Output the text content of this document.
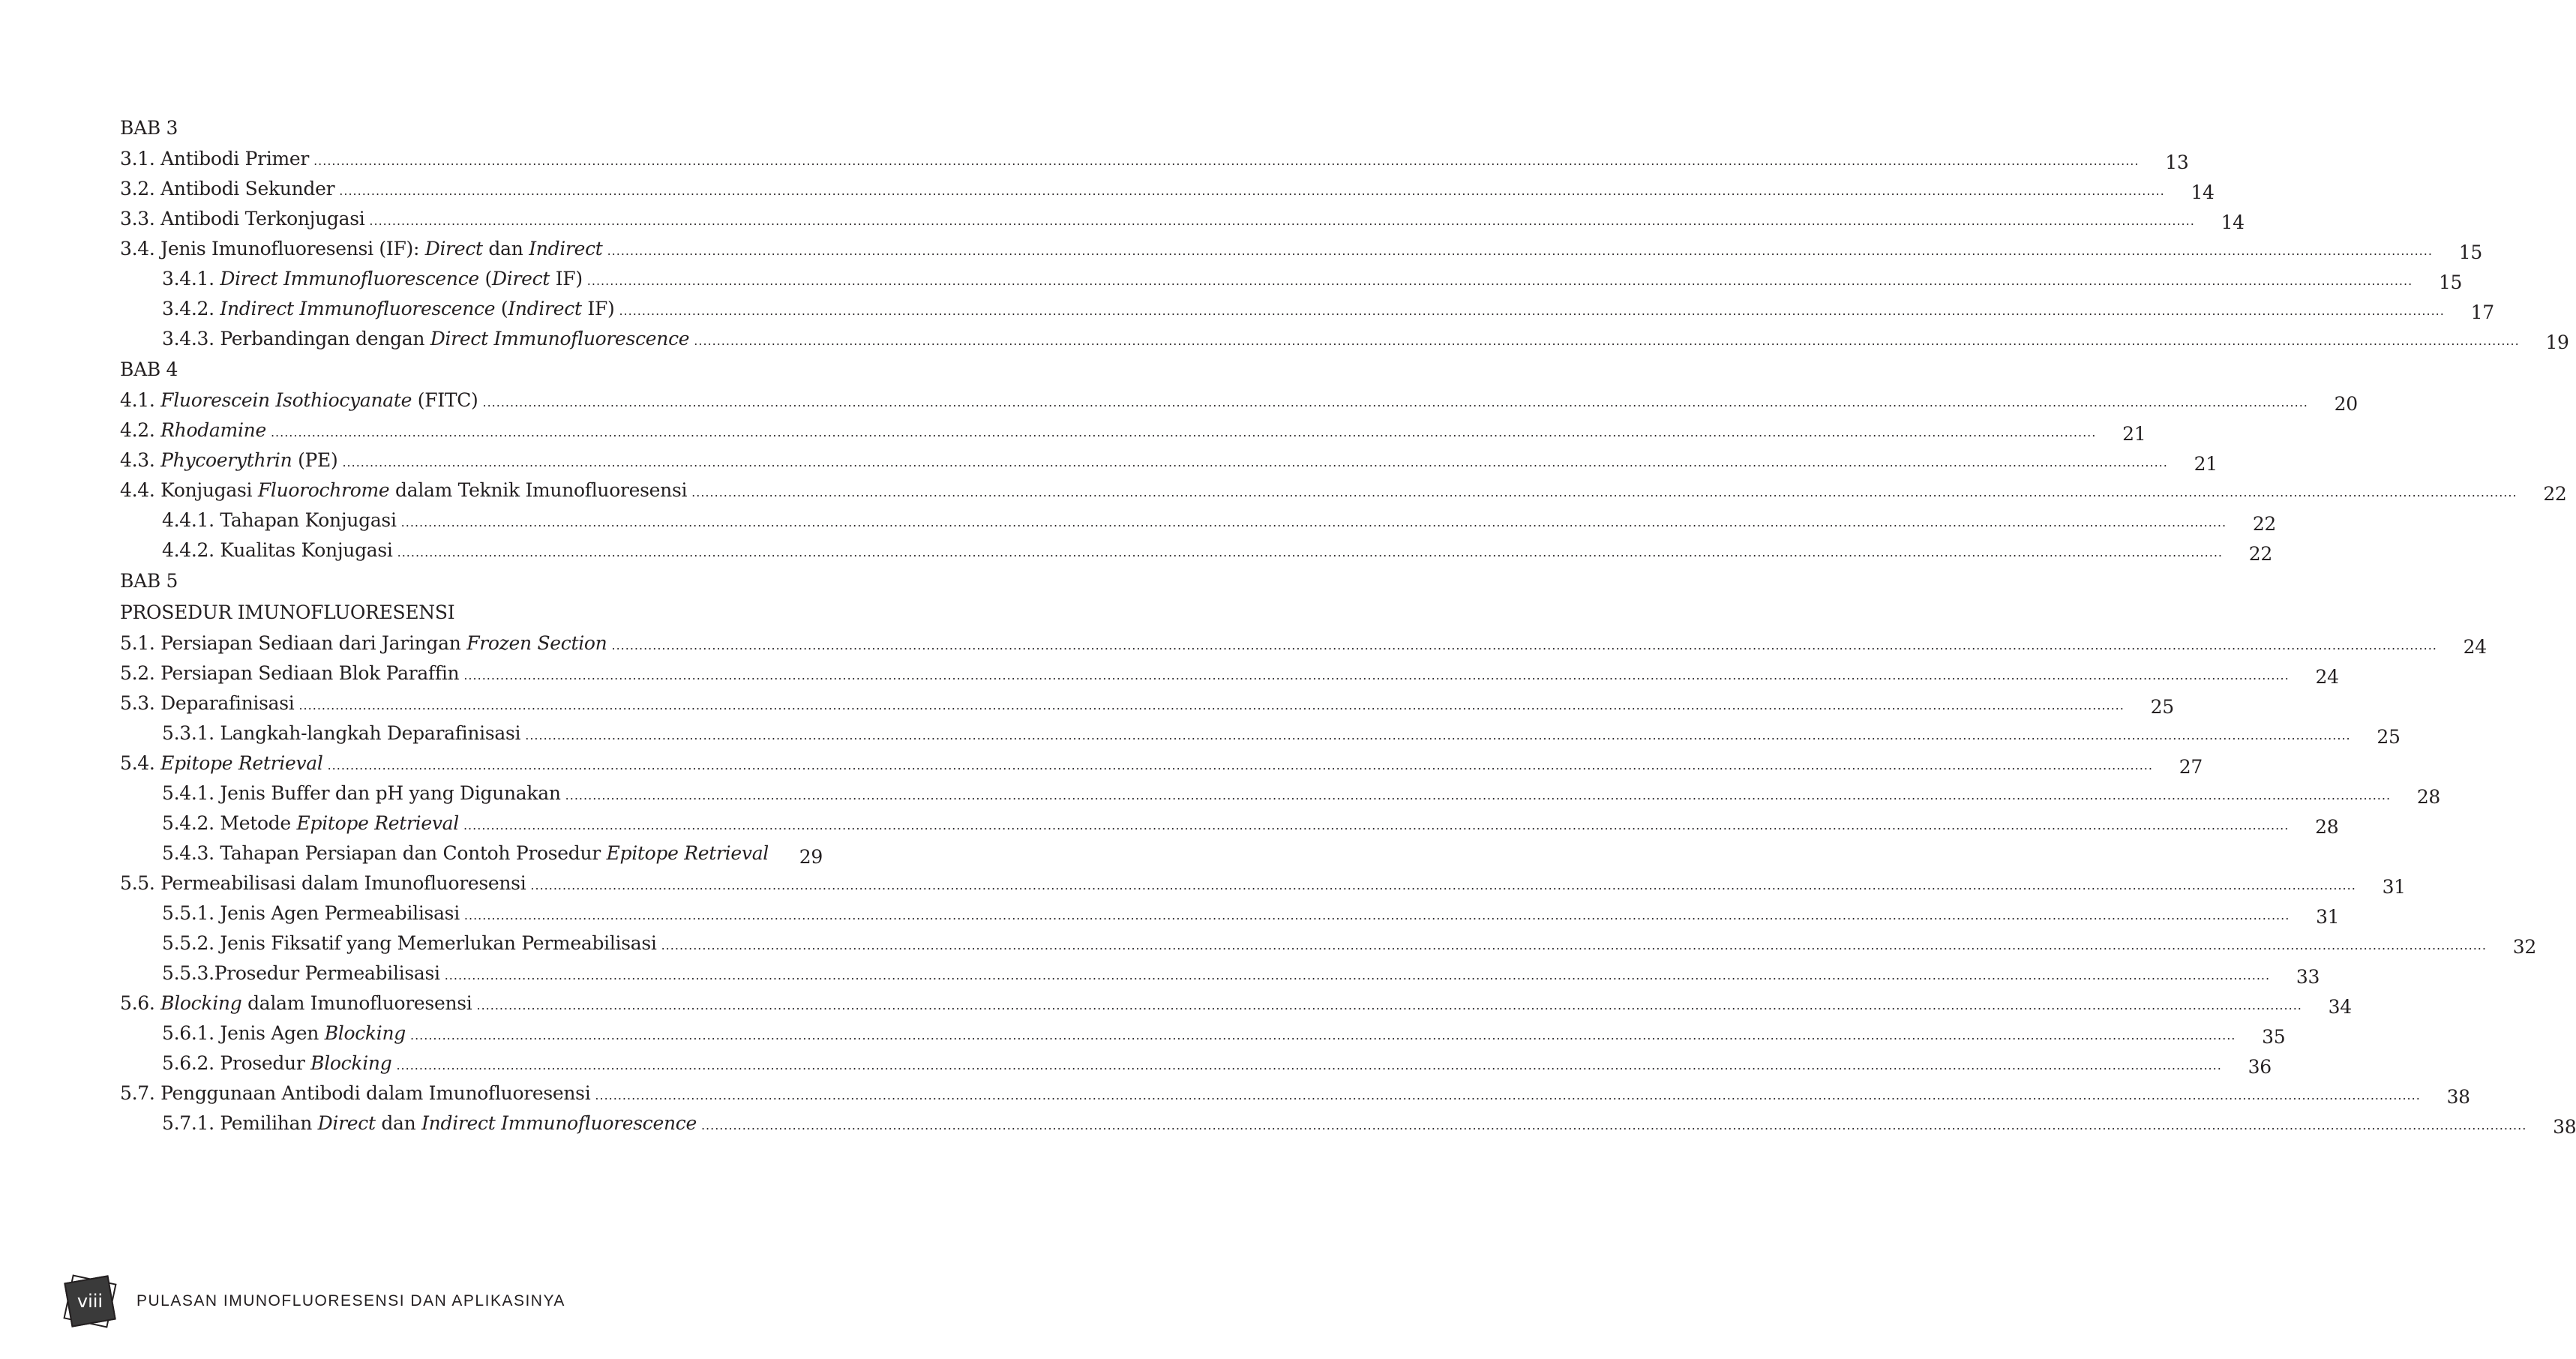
BAB 3
3.1. Antibodi Primer ................................................................................................................................................................................................................................................................................................................................................................................................................	13
3.2. Antibodi Sekunder ................................................................................................................................................................................................................................................................................................................................................................................................................	14
3.3. Antibodi Terkonjugasi ................................................................................................................................................................................................................................................................................................................................................................................................................	14
3.4. Jenis Imunofluoresensi (IF): Direct dan Indirect ................................................................................................................................................................................................................................................................................................................................................................................................................	15
3.4.1. Direct Immunofluorescence (Direct IF) ................................................................................................................................................................................................................................................................................................................................................................................................................	15
3.4.2. Indirect Immunofluorescence (Indirect IF) ................................................................................................................................................................................................................................................................................................................................................................................................................	17
3.4.3. Perbandingan dengan Direct Immunofluorescence ................................................................................................................................................................................................................................................................................................................................................................................................................	19
BAB 4
4.1. Fluorescein Isothiocyanate (FITC) ................................................................................................................................................................................................................................................................................................................................................................................................................	20
4.2. Rhodamine ................................................................................................................................................................................................................................................................................................................................................................................................................	21
4.3. Phycoerythrin (PE) ................................................................................................................................................................................................................................................................................................................................................................................................................	21
4.4. Konjugasi Fluorochrome dalam Teknik Imunofluoresensi ................................................................................................................................................................................................................................................................................................................................................................................................................	22
4.4.1. Tahapan Konjugasi ................................................................................................................................................................................................................................................................................................................................................................................................................	22
4.4.2. Kualitas Konjugasi ................................................................................................................................................................................................................................................................................................................................................................................................................	22
BAB 5
PROSEDUR IMUNOFLUORESENSI
5.1. Persiapan Sediaan dari Jaringan Frozen Section ................................................................................................................................................................................................................................................................................................................................................................................................................	24
5.2. Persiapan Sediaan Blok Paraffin ................................................................................................................................................................................................................................................................................................................................................................................................................	24
5.3. Deparafinisasi ................................................................................................................................................................................................................................................................................................................................................................................................................	25
5.3.1. Langkah-langkah Deparafinisasi ................................................................................................................................................................................................................................................................................................................................................................................................................	25
5.4. Epitope Retrieval ................................................................................................................................................................................................................................................................................................................................................................................................................	27
5.4.1. Jenis Buffer dan pH yang Digunakan ................................................................................................................................................................................................................................................................................................................................................................................................................	28
5.4.2. Metode Epitope Retrieval ................................................................................................................................................................................................................................................................................................................................................................................................................	28
5.4.3. Tahapan Persiapan dan Contoh Prosedur Epitope Retrieval	29
5.5. Permeabilisasi dalam Imunofluoresensi ................................................................................................................................................................................................................................................................................................................................................................................................................	31
5.5.1. Jenis Agen Permeabilisasi ................................................................................................................................................................................................................................................................................................................................................................................................................	31
5.5.2. Jenis Fiksatif yang Memerlukan Permeabilisasi ................................................................................................................................................................................................................................................................................................................................................................................................................	32
5.5.3.Prosedur Permeabilisasi ................................................................................................................................................................................................................................................................................................................................................................................................................	33
5.6. Blocking dalam Imunofluoresensi ................................................................................................................................................................................................................................................................................................................................................................................................................	34
5.6.1. Jenis Agen Blocking ................................................................................................................................................................................................................................................................................................................................................................................................................	35
5.6.2. Prosedur Blocking ................................................................................................................................................................................................................................................................................................................................................................................................................	36
5.7. Penggunaan Antibodi dalam Imunofluoresensi ................................................................................................................................................................................................................................................................................................................................................................................................................	38
5.7.1. Pemilihan Direct dan Indirect Immunofluorescence ................................................................................................................................................................................................................................................................................................................................................................................................................	38
viii	PULASAN IMUNOFLUORESENSI DAN APLIKASINYA
